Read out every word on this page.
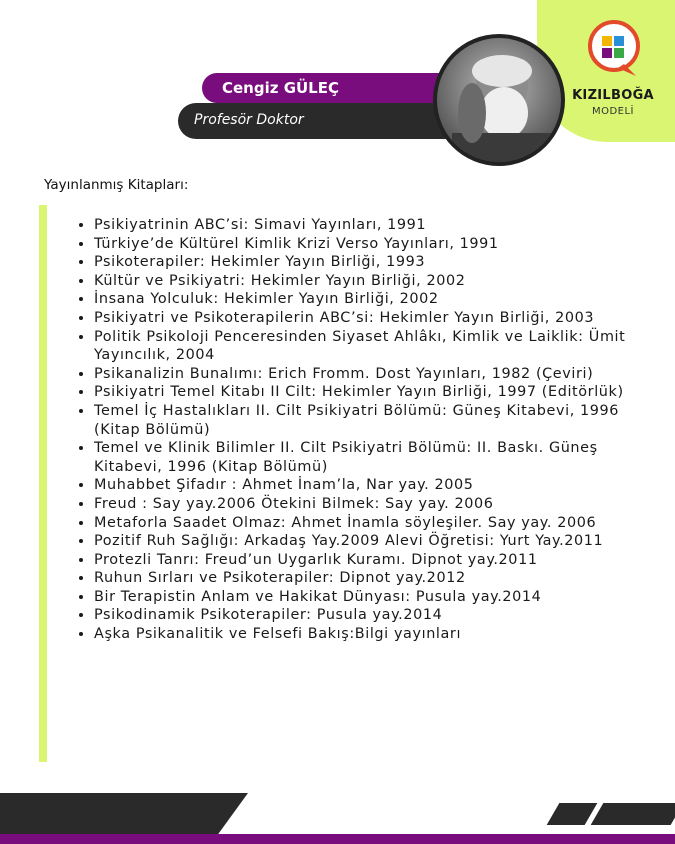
KIZILBOĞA
MODELİ
Cengiz GÜLEÇ
Profesör Doktor
Yayınlanmış Kitapları:
• Psikiyatrinin ABC’si: Simavi Yayınları, 1991
• Türkiye’de Kültürel Kimlik Krizi Verso Yayınları, 1991
• Psikoterapiler: Hekimler Yayın Birliği, 1993
• Kültür ve Psikiyatri: Hekimler Yayın Birliği, 2002
• İnsana Yolculuk: Hekimler Yayın Birliği, 2002
• Psikiyatri ve Psikoterapilerin ABC’si: Hekimler Yayın Birliği, 2003
• Politik Psikoloji Penceresinden Siyaset Ahlâkı, Kimlik ve Laiklik: Ümit Yayıncılık, 2004
• Psikanalizin Bunalımı: Erich Fromm. Dost Yayınları, 1982 (Çeviri)
• Psikiyatri Temel Kitabı II Cilt: Hekimler Yayın Birliği, 1997 (Editörlük)
• Temel İç Hastalıkları II. Cilt Psikiyatri Bölümü: Güneş Kitabevi, 1996 (Kitap Bölümü)
• Temel ve Klinik Bilimler II. Cilt Psikiyatri Bölümü: II. Baskı. Güneş Kitabevi, 1996 (Kitap Bölümü)
• Muhabbet Şifadır : Ahmet İnam’la, Nar yay. 2005
• Freud : Say yay.2006 Ötekini Bilmek: Say yay. 2006
• Metaforla Saadet Olmaz: Ahmet İnamla söyleşiler. Say yay. 2006
• Pozitif Ruh Sağlığı: Arkadaş Yay.2009 Alevi Öğretisi: Yurt Yay.2011
• Protezli Tanrı: Freud’un Uygarlık Kuramı. Dipnot yay.2011
• Ruhun Sırları ve Psikoterapiler: Dipnot yay.2012
• Bir Terapistin Anlam ve Hakikat Dünyası: Pusula yay.2014
• Psikodinamik Psikoterapiler: Pusula yay.2014
• Aşka Psikanalitik ve Felsefi Bakış:Bilgi yayınları
